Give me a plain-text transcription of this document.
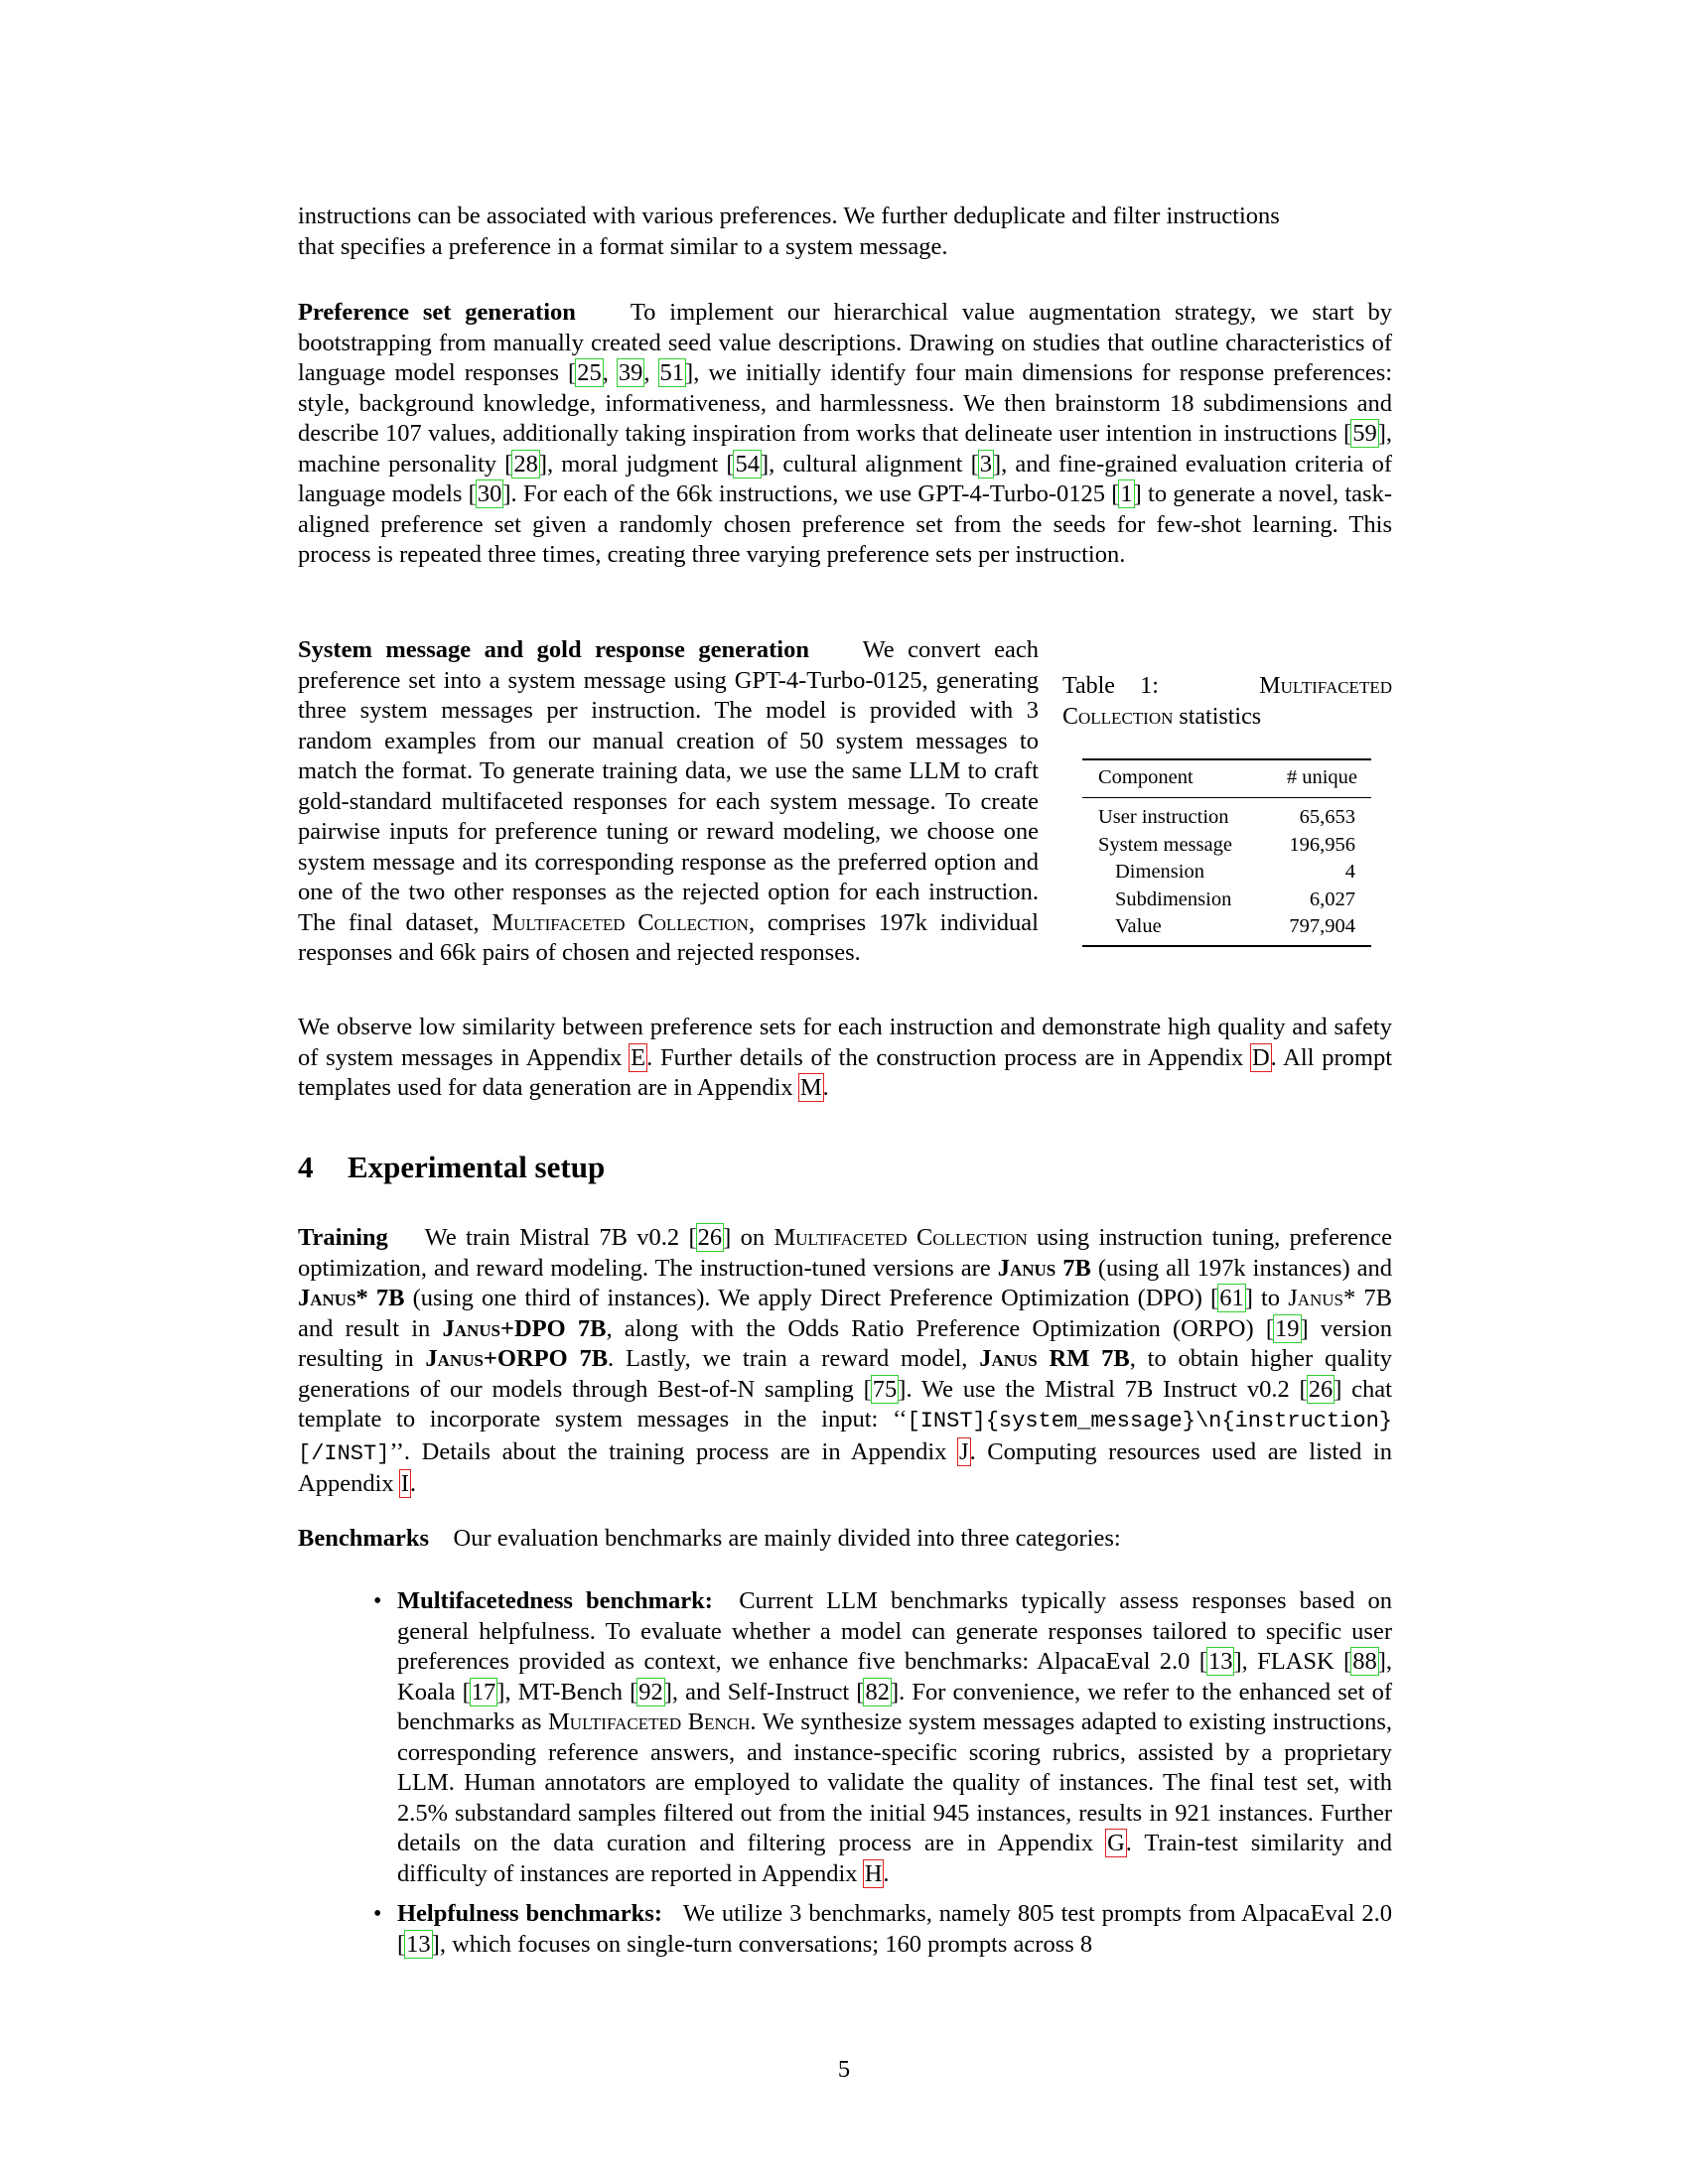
instructions can be associated with various preferences. We further deduplicate and filter instructions
that specifies a preference in a format similar to a system message.

Preference set generation To implement our hierarchical value augmentation strategy, we start by bootstrapping from manually created seed value descriptions. Drawing on studies that outline characteristics of language model responses [25, 39, 51], we initially identify four main dimensions for response preferences: style, background knowledge, informativeness, and harmlessness. We then brainstorm 18 subdimensions and describe 107 values, additionally taking inspiration from works that delineate user intention in instructions [59], machine personality [28], moral judgment [54], cultural alignment [3], and fine-grained evaluation criteria of language models [30]. For each of the 66k instructions, we use GPT-4-Turbo-0125 [1] to generate a novel, task-aligned preference set given a randomly chosen preference set from the seeds for few-shot learning. This process is repeated three times, creating three varying preference sets per instruction.

System message and gold response generation We convert each preference set into a system message using GPT-4-Turbo-0125, generating three system messages per instruction. The model is provided with 3 random examples from our manual creation of 50 system messages to match the format. To generate training data, we use the same LLM to craft gold-standard multifaceted responses for each system message. To create pairwise inputs for preference tuning or reward modeling, we choose one system message and its corresponding response as the preferred option and one of the two other responses as the rejected option for each instruction. The final dataset, Multifaceted Collection, comprises 197k individual responses and 66k pairs of chosen and rejected responses.

Table 1:	Multifaceted Collection statistics
Component	# unique
User instruction	65,653
System message	196,956
Dimension	4
Subdimension	6,027
Value	797,904

We observe low similarity between preference sets for each instruction and demonstrate high quality and safety of system messages in Appendix E. Further details of the construction process are in Appendix D. All prompt templates used for data generation are in Appendix M.

4 Experimental setup

Training We train Mistral 7B v0.2 [26] on Multifaceted Collection using instruction tuning, preference optimization, and reward modeling. The instruction-tuned versions are Janus 7B (using all 197k instances) and Janus* 7B (using one third of instances). We apply Direct Preference Optimization (DPO) [61] to Janus* 7B and result in Janus+DPO 7B, along with the Odds Ratio Preference Optimization (ORPO) [19] version resulting in Janus+ORPO 7B. Lastly, we train a reward model, Janus RM 7B, to obtain higher quality generations of our models through Best-of-N sampling [75]. We use the Mistral 7B Instruct v0.2 [26] chat template to incorporate system messages in the input: ‘‘[INST]{system_message}\n{instruction} [/INST]’’. Details about the training process are in Appendix J. Computing resources used are listed in Appendix I.

Benchmarks Our evaluation benchmarks are mainly divided into three categories:

• Multifacetedness benchmark: Current LLM benchmarks typically assess responses based on general helpfulness. To evaluate whether a model can generate responses tailored to specific user preferences provided as context, we enhance five benchmarks: AlpacaEval 2.0 [13], FLASK [88], Koala [17], MT-Bench [92], and Self-Instruct [82]. For convenience, we refer to the enhanced set of benchmarks as Multifaceted Bench. We synthesize system messages adapted to existing instructions, corresponding reference answers, and instance-specific scoring rubrics, assisted by a proprietary LLM. Human annotators are employed to validate the quality of instances. The final test set, with 2.5% substandard samples filtered out from the initial 945 instances, results in 921 instances. Further details on the data curation and filtering process are in Appendix G. Train-test similarity and difficulty of instances are reported in Appendix H.

• Helpfulness benchmarks: We utilize 3 benchmarks, namely 805 test prompts from AlpacaEval 2.0 [13], which focuses on single-turn conversations; 160 prompts across 8

5
